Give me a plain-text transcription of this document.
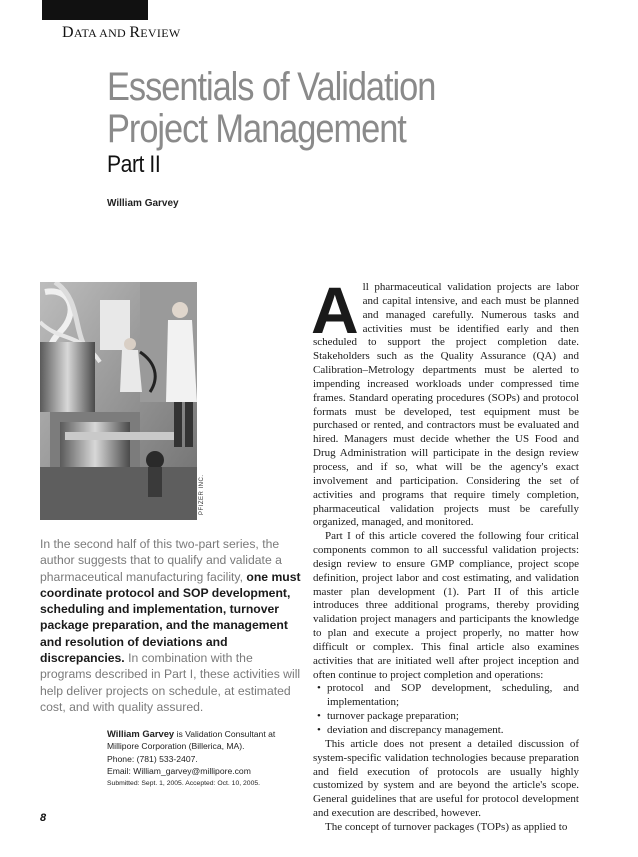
DATA AND REVIEW
Essentials of Validation
Project Management
Part II
William Garvey
PFIZER INC.
In the second half of this two-part series, the author suggests that to qualify and validate a pharmaceutical manufacturing facility, one must coordinate protocol and SOP development, scheduling and implementation, turnover package preparation, and the management and resolution of deviations and discrepancies. In combination with the programs described in Part I, these activities will help deliver projects on schedule, at estimated cost, and with quality assured.
William Garvey is Validation Consultant at Millipore Corporation (Billerica, MA).
Phone: (781) 533-2407.
Email: William_garvey@millipore.com
Submitted: Sept. 1, 2005. Accepted: Oct. 10, 2005.
8

All pharmaceutical validation projects are labor and capital intensive, and each must be planned and managed carefully. Numerous tasks and activities must be identified early and then scheduled to support the project completion date. Stakeholders such as the Quality Assurance (QA) and Calibration–Metrology departments must be alerted to impending increased workloads under compressed time frames. Standard operating procedures (SOPs) and protocol formats must be developed, test equipment must be purchased or rented, and contractors must be evaluated and hired. Managers must decide whether the US Food and Drug Administration will participate in the design review process, and if so, what will be the agency's exact involvement and participation. Considering the set of activities and programs that require timely completion, pharmaceutical validation projects must be carefully organized, managed, and monitored.

Part I of this article covered the following four critical components common to all successful validation projects: design review to ensure GMP compliance, project scope definition, project labor and cost estimating, and validation master plan development (1). Part II of this article introduces three additional programs, thereby providing validation project managers and participants the knowledge to plan and execute a project properly, no matter how difficult or complex. This final article also examines activities that are initiated well after project inception and often continue to project completion and operations:

• protocol and SOP development, scheduling, and implementation;
• turnover package preparation;
• deviation and discrepancy management.

This article does not present a detailed discussion of system-specific validation technologies because preparation and field execution of protocols are usually highly customized by system and are beyond the article's scope. General guidelines that are useful for protocol development and execution are described, however.

The concept of turnover packages (TOPs) as applied to
